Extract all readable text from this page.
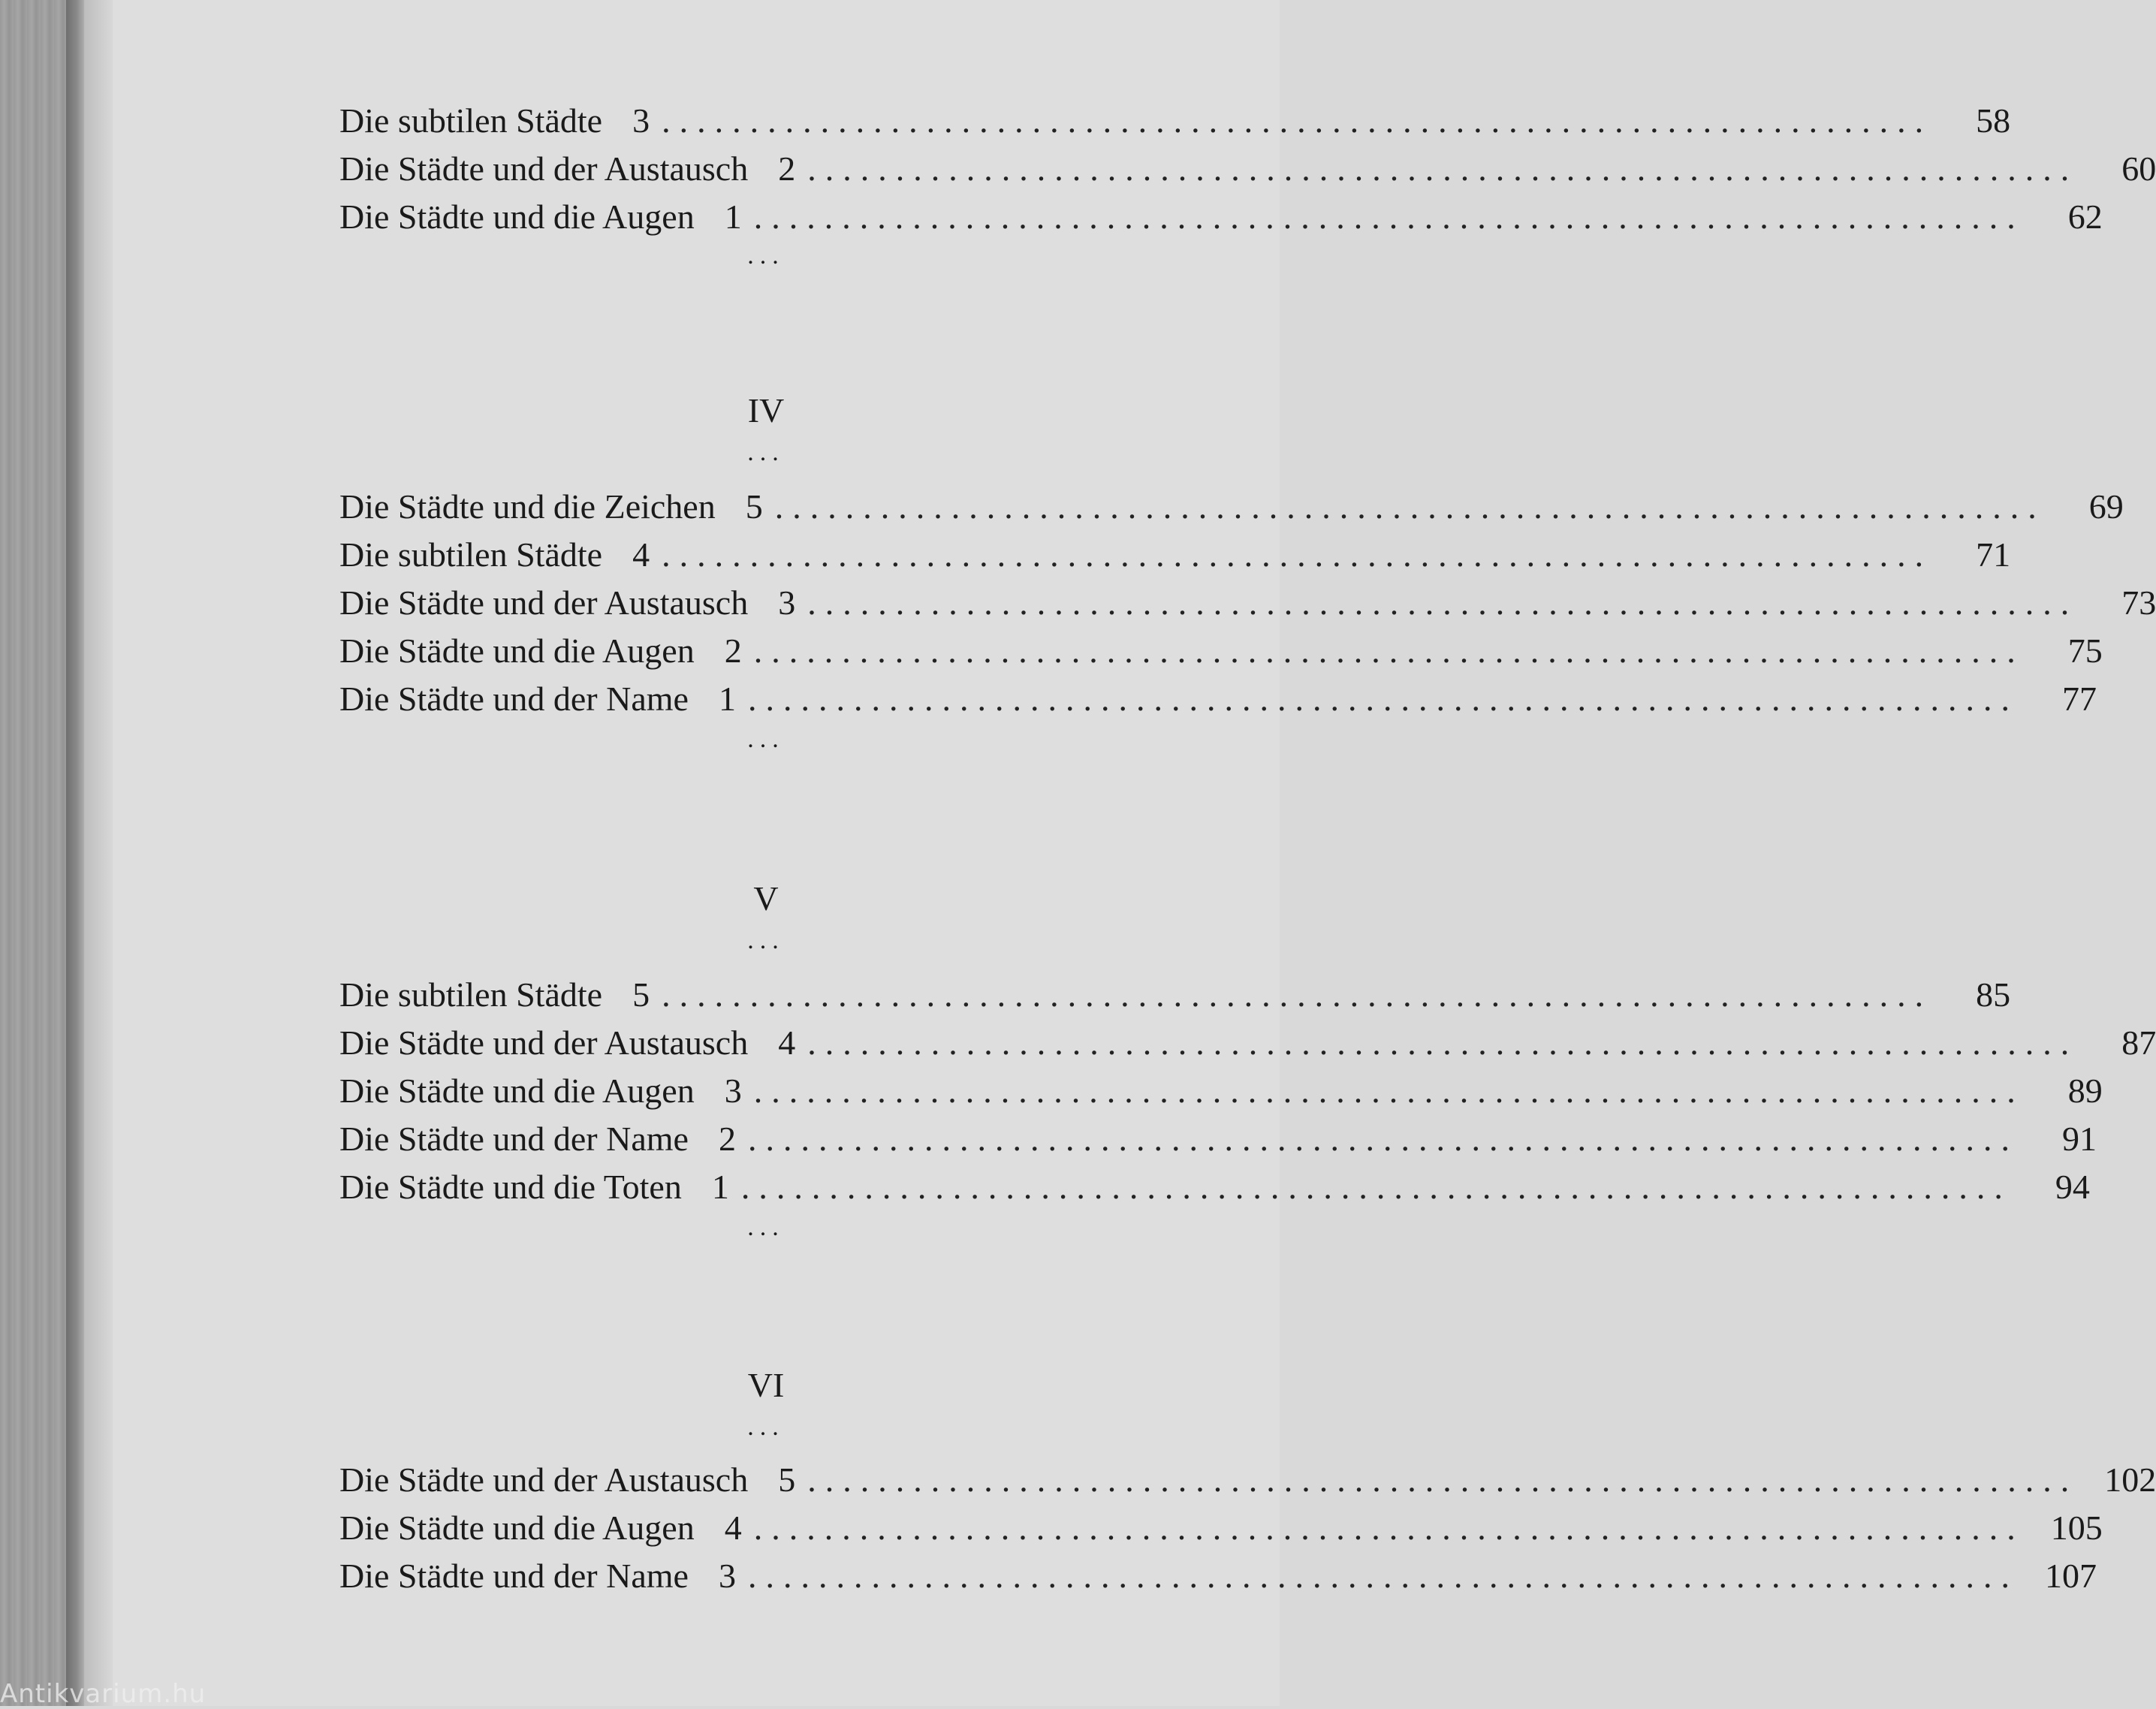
Die subtilen Städte 3 ........................................................................	58
Die Städte und der Austausch 2 ........................................................................	60
Die Städte und die Augen 1 ........................................................................	62
...
IV
...
Die Städte und die Zeichen 5 ........................................................................	69
Die subtilen Städte 4 ........................................................................	71
Die Städte und der Austausch 3 ........................................................................	73
Die Städte und die Augen 2 ........................................................................	75
Die Städte und der Name 1 ........................................................................	77
...
V
...
Die subtilen Städte 5 ........................................................................	85
Die Städte und der Austausch 4 ........................................................................	87
Die Städte und die Augen 3 ........................................................................	89
Die Städte und der Name 2 ........................................................................	91
Die Städte und die Toten 1 ........................................................................	94
...
VI
...
Die Städte und der Austausch 5 ........................................................................ 102
Die Städte und die Augen 4 ........................................................................ 105
Die Städte und der Name 3 ........................................................................ 107
Antikvarium.hu
